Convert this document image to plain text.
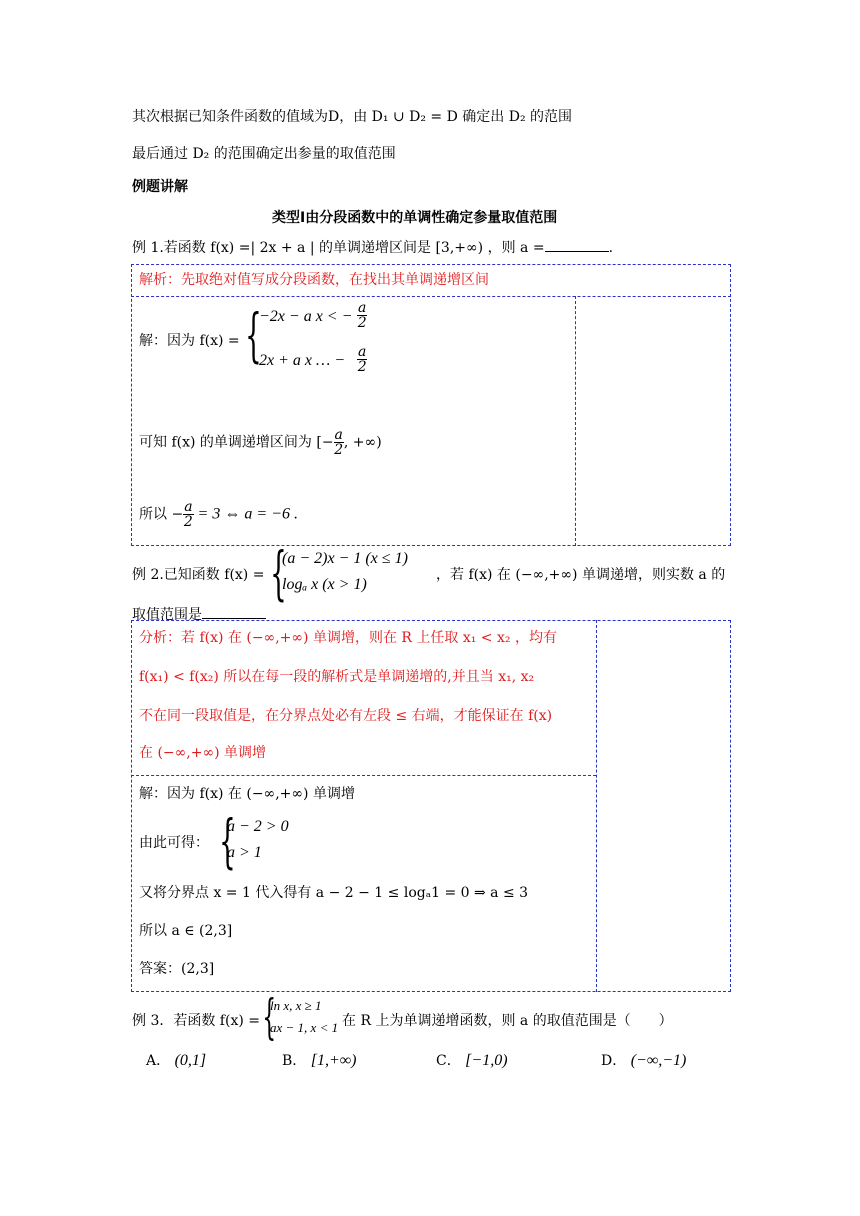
其次根据已知条件函数的值域为D，由 D₁ ∪ D₂ = D 确定出 D₂ 的范围
最后通过 D₂ 的范围确定出参量的取值范围
例题讲解
类型Ⅰ由分段函数中的单调性确定参量取值范围
例 1.若函数 f(x) =| 2x + a | 的单调递增区间是 [3,+∞) ，则 a =	.
解析：先取绝对值写成分段函数，在找出其单调递增区间
解：因为 f(x) = {
−2x − a x < − $\frac{a}{2}$
2x + a x … − $\frac{a}{2}$
可知 f(x) 的单调递增区间为 [− $\frac{a}{2}$ , +∞)
所以 − $\frac{a}{2} = 3$ ⇔ a = −6 .
例 2.已知函数 f(x) = {
(a − 2)x − 1 (x ≤ 1)
logₐ x (x > 1)
，若 f(x) 在 (−∞,+∞) 单调递增，则实数 a 的
取值范围是
分析：若 f(x) 在 (−∞,+∞) 单调增，则在 R 上任取 x₁ < x₂ ，均有
f(x₁) < f(x₂) 所以在每一段的解析式是单调递增的,并且当 x₁, x₂
不在同一段取值是，在分界点处必有左段 ≤ 右端，才能保证在 f(x)
在 (−∞,+∞) 单调增
解：因为 f(x) 在 (−∞,+∞) 单调增
由此可得： {
a − 2 > 0
a > 1
又将分界点 x = 1 代入得有 a − 2 − 1 ≤ logₐ1 = 0 ⇒ a ≤ 3
所以 a ∈ (2,3]
答案：(2,3]
例 3．若函数 f(x) = {
ln x, x ≥ 1
ax − 1, x < 1 在 R 上为单调递增函数，则 a 的取值范围是（　　）
A． (0,1]	B． [1,+∞)	C． [−1,0)	D． (−∞,−1)
